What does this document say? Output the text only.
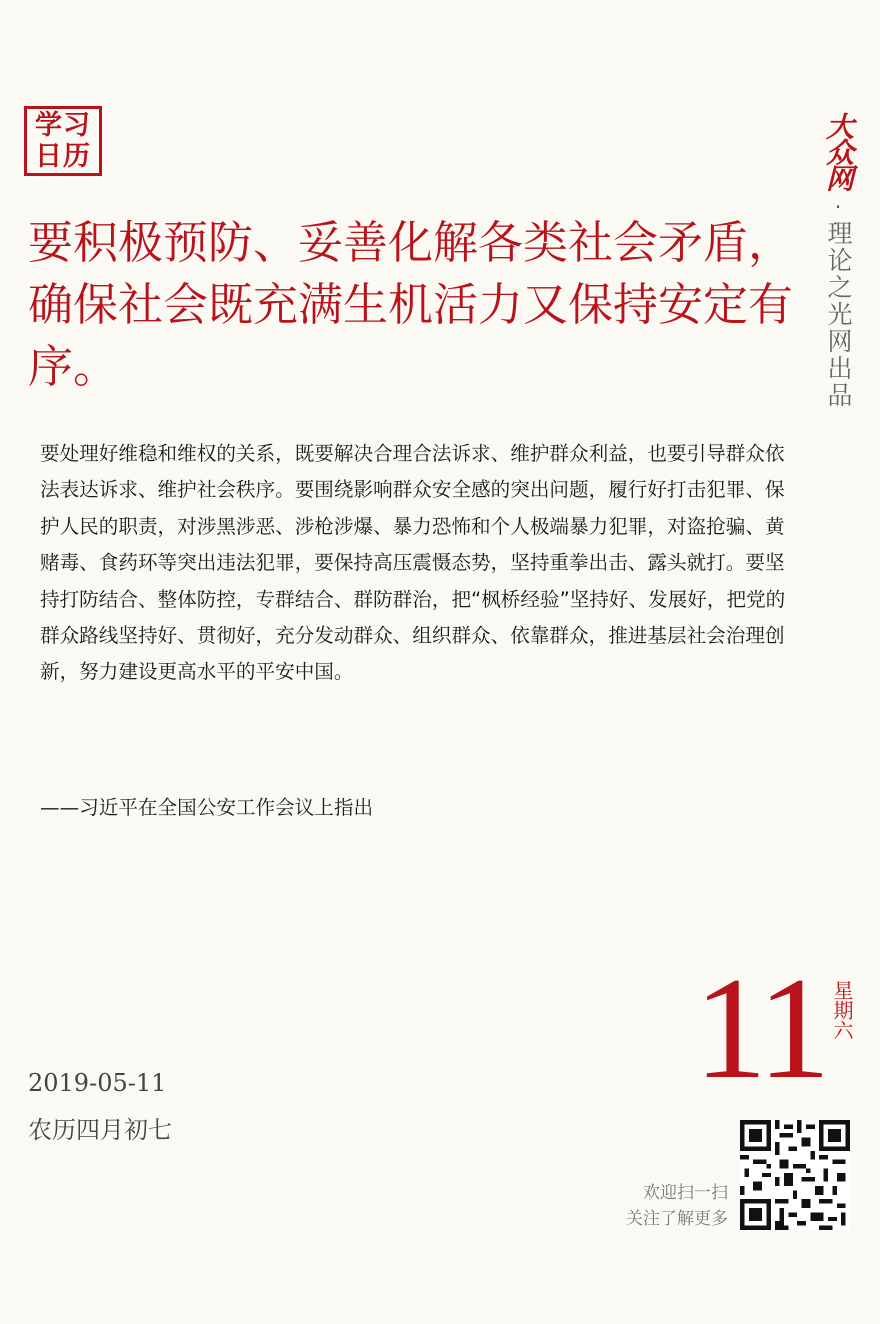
学习
日历	大众网
·
理论之光网出品
要积极预防、妥善化解各类社会矛盾，确保社会既充满生机活力又保持安定有序。

要处理好维稳和维权的关系，既要解决合理合法诉求、维护群众利益，也要引导群众依法表达诉求、维护社会秩序。要围绕影响群众安全感的突出问题，履行好打击犯罪、保护人民的职责，对涉黑涉恶、涉枪涉爆、暴力恐怖和个人极端暴力犯罪，对盗抢骗、黄赌毒、食药环等突出违法犯罪，要保持高压震慑态势，坚持重拳出击、露头就打。要坚持打防结合、整体防控，专群结合、群防群治，把“枫桥经验”坚持好、发展好，把党的群众路线坚持好、贯彻好，充分发动群众、组织群众、依靠群众，推进基层社会治理创新，努力建设更高水平的平安中国。

——习近平在全国公安工作会议上指出
11 星期六
2019-05-11
农历四月初七
欢迎扫一扫
关注了解更多
